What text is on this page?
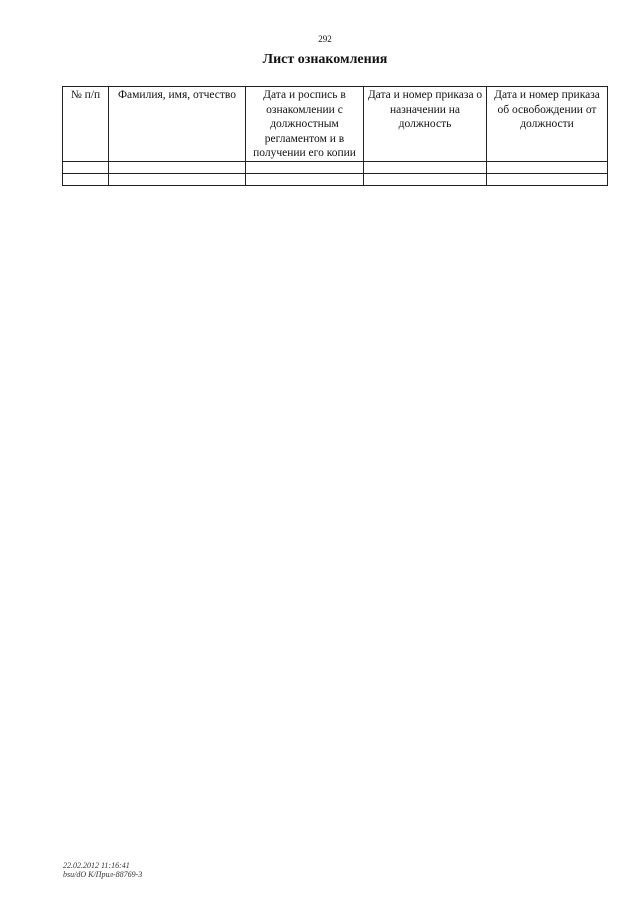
292
Лист ознакомления
№ п/п	Фамилия, имя, отчество	Дата и роспись в ознакомлении с должностным регламентом и в получении его копии	Дата и номер приказа о назначении на должность	Дата и номер приказа об освобождении от должности

22.02.2012 11:16:41
bsu/dO K/Прил-88769-3
